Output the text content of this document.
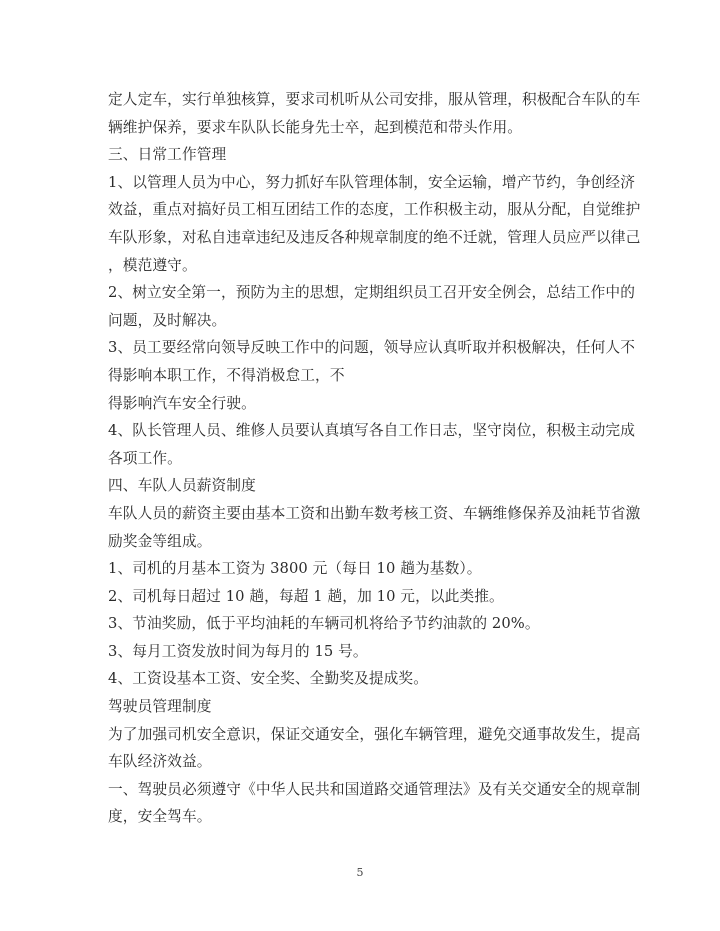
定人定车，实行单独核算，要求司机听从公司安排，服从管理，积极配合车队的车
辆维护保养，要求车队队长能身先士卒，起到模范和带头作用。
三、日常工作管理
1、以管理人员为中心，努力抓好车队管理体制，安全运输，增产节约，争创经济
效益，重点对搞好员工相互团结工作的态度，工作积极主动，服从分配，自觉维护
车队形象，对私自违章违纪及违反各种规章制度的绝不迁就，管理人员应严以律己
，模范遵守。
2、树立安全第一，预防为主的思想，定期组织员工召开安全例会，总结工作中的
问题，及时解决。
3、员工要经常向领导反映工作中的问题，领导应认真听取并积极解决，任何人不
得影响本职工作，不得消极怠工，不
得影响汽车安全行驶。
4、队长管理人员、维修人员要认真填写各自工作日志，坚守岗位，积极主动完成
各项工作。
四、车队人员薪资制度
车队人员的薪资主要由基本工资和出勤车数考核工资、车辆维修保养及油耗节省激
励奖金等组成。
1、司机的月基本工资为 3800 元（每日 10 趟为基数）。
2、司机每日超过 10 趟，每超 1 趟，加 10 元，以此类推。
3、节油奖励，低于平均油耗的车辆司机将给予节约油款的 20%。
3、每月工资发放时间为每月的 15 号。
4、工资设基本工资、安全奖、全勤奖及提成奖。
驾驶员管理制度
为了加强司机安全意识，保证交通安全，强化车辆管理，避免交通事故发生，提高
车队经济效益。
一、驾驶员必须遵守《中华人民共和国道路交通管理法》及有关交通安全的规章制
度，安全驾车。
5
